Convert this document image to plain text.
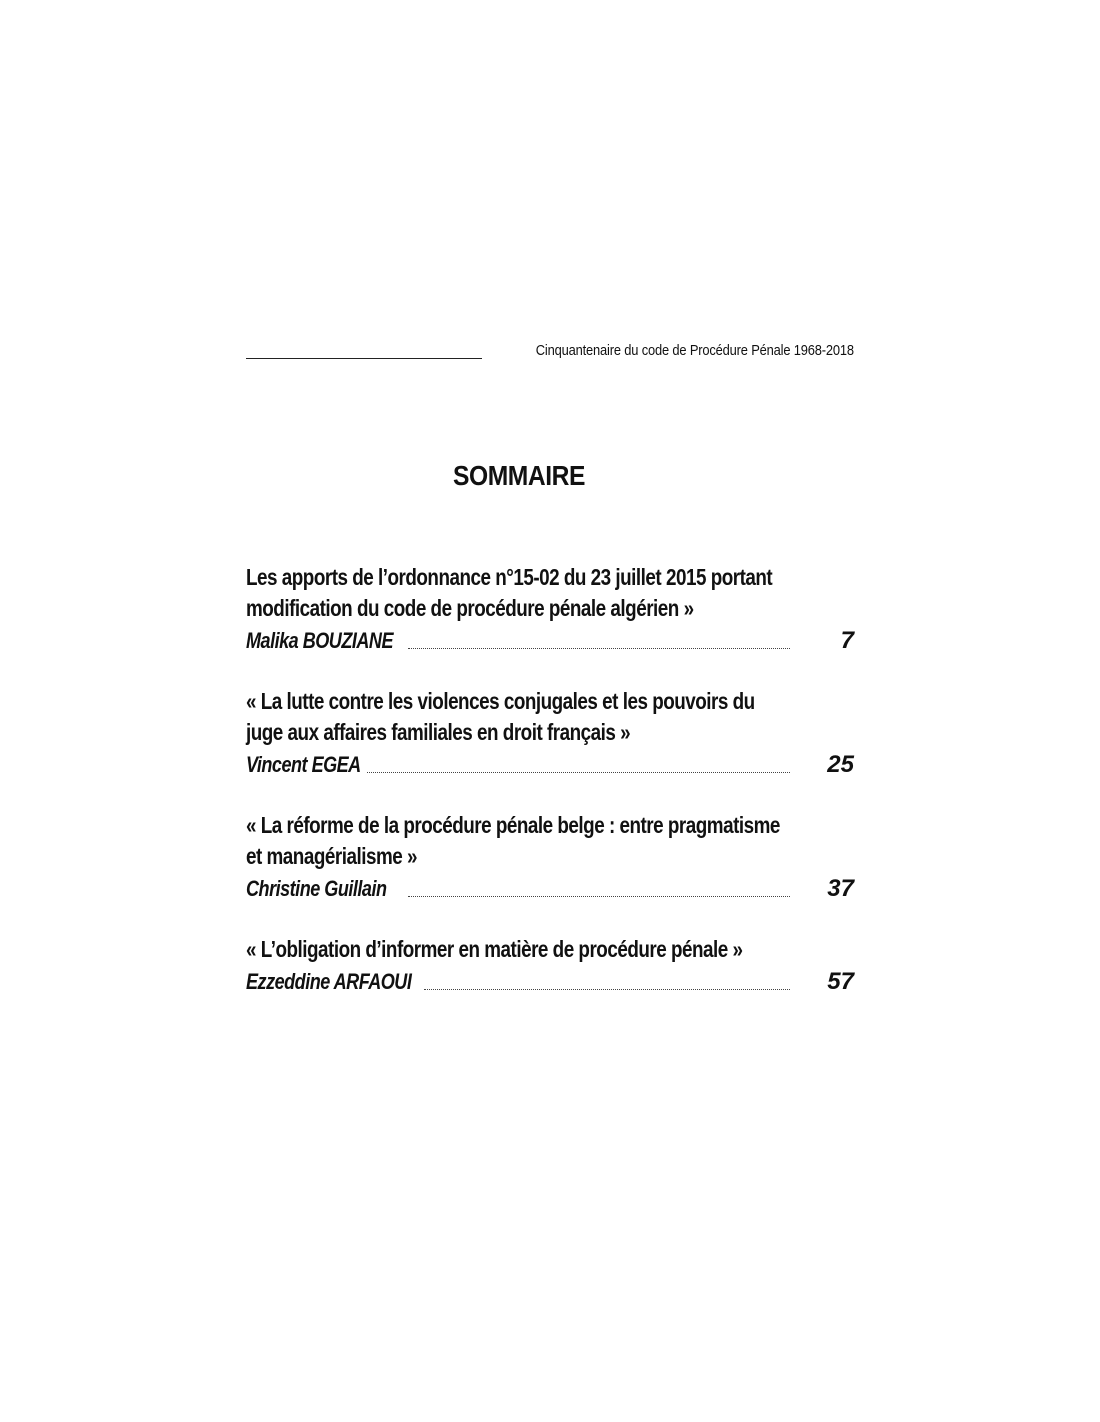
Cinquantenaire du code de Procédure Pénale 1968-2018
SOMMAIRE
Les apports de l’ordonnance n°15-02 du 23 juillet 2015 portant
modification du code de procédure pénale algérien »
Malika BOUZIANE	7
« La lutte contre les violences conjugales et les pouvoirs du
juge aux affaires familiales en droit français »
Vincent EGEA	25
« La réforme de la procédure pénale belge : entre pragmatisme
et managérialisme »
Christine Guillain	37
« L’obligation d’informer en matière de procédure pénale »
Ezzeddine ARFAOUI	57
